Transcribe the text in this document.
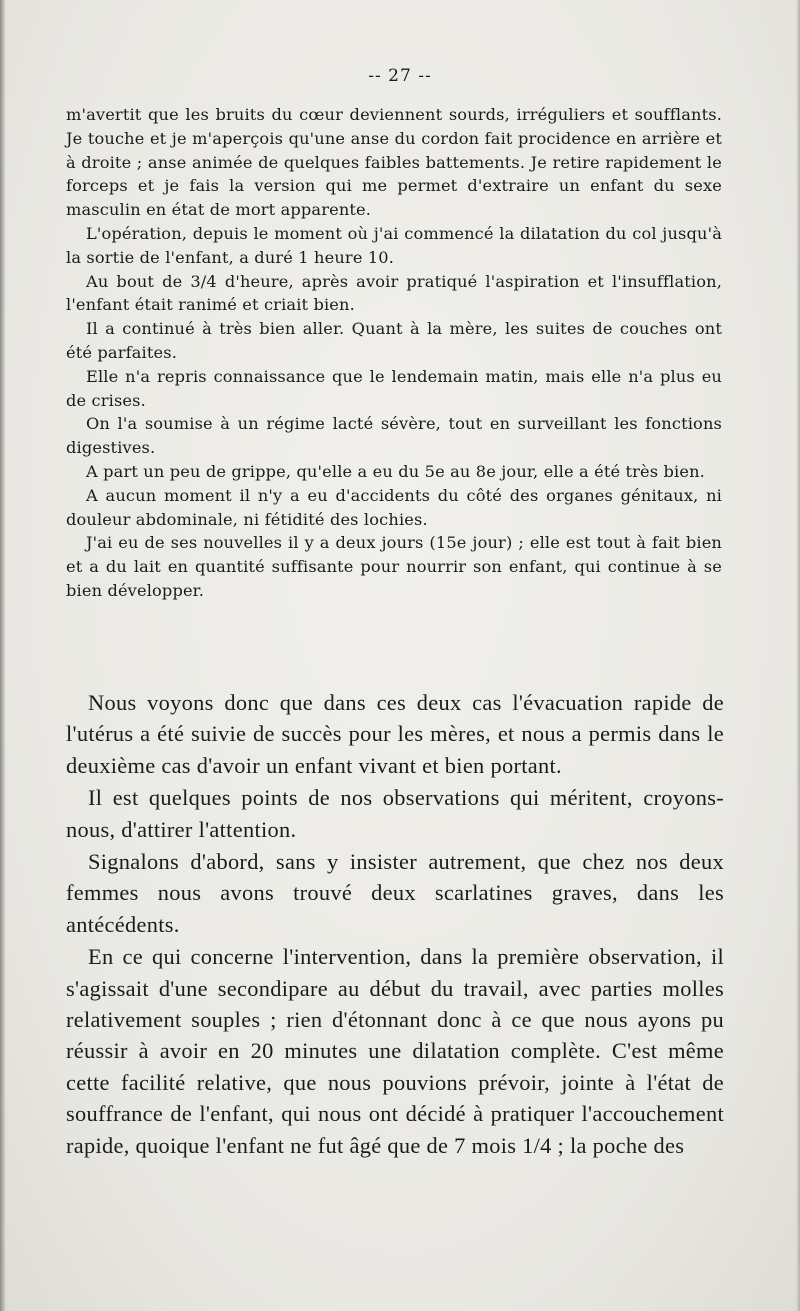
-- 27 --

m'avertit que les bruits du cœur deviennent sourds, irréguliers et soufflants. Je touche et je m'aperçois qu'une anse du cordon fait procidence en arrière et à droite ; anse animée de quelques faibles battements. Je retire rapidement le forceps et je fais la version qui me permet d'extraire un enfant du sexe masculin en état de mort apparente.

L'opération, depuis le moment où j'ai commencé la dilatation du col jusqu'à la sortie de l'enfant, a duré 1 heure 10.

Au bout de 3/4 d'heure, après avoir pratiqué l'aspiration et l'insufflation, l'enfant était ranimé et criait bien.

Il a continué à très bien aller. Quant à la mère, les suites de couches ont été parfaites.

Elle n'a repris connaissance que le lendemain matin, mais elle n'a plus eu de crises.

On l'a soumise à un régime lacté sévère, tout en surveillant les fonctions digestives.

A part un peu de grippe, qu'elle a eu du 5e au 8e jour, elle a été très bien.

A aucun moment il n'y a eu d'accidents du côté des organes génitaux, ni douleur abdominale, ni fétidité des lochies.

J'ai eu de ses nouvelles il y a deux jours (15e jour) ; elle est tout à fait bien et a du lait en quantité suffisante pour nourrir son enfant, qui continue à se bien développer.

Nous voyons donc que dans ces deux cas l'évacuation rapide de l'utérus a été suivie de succès pour les mères, et nous a permis dans le deuxième cas d'avoir un enfant vivant et bien portant.

Il est quelques points de nos observations qui méritent, croyons-nous, d'attirer l'attention.

Signalons d'abord, sans y insister autrement, que chez nos deux femmes nous avons trouvé deux scarlatines graves, dans les antécédents.

En ce qui concerne l'intervention, dans la première observation, il s'agissait d'une secondipare au début du travail, avec parties molles relativement souples ; rien d'étonnant donc à ce que nous ayons pu réussir à avoir en 20 minutes une dilatation complète. C'est même cette facilité relative, que nous pouvions prévoir, jointe à l'état de souffrance de l'enfant, qui nous ont décidé à pratiquer l'accouchement rapide, quoique l'enfant ne fut âgé que de 7 mois 1/4 ; la poche des
